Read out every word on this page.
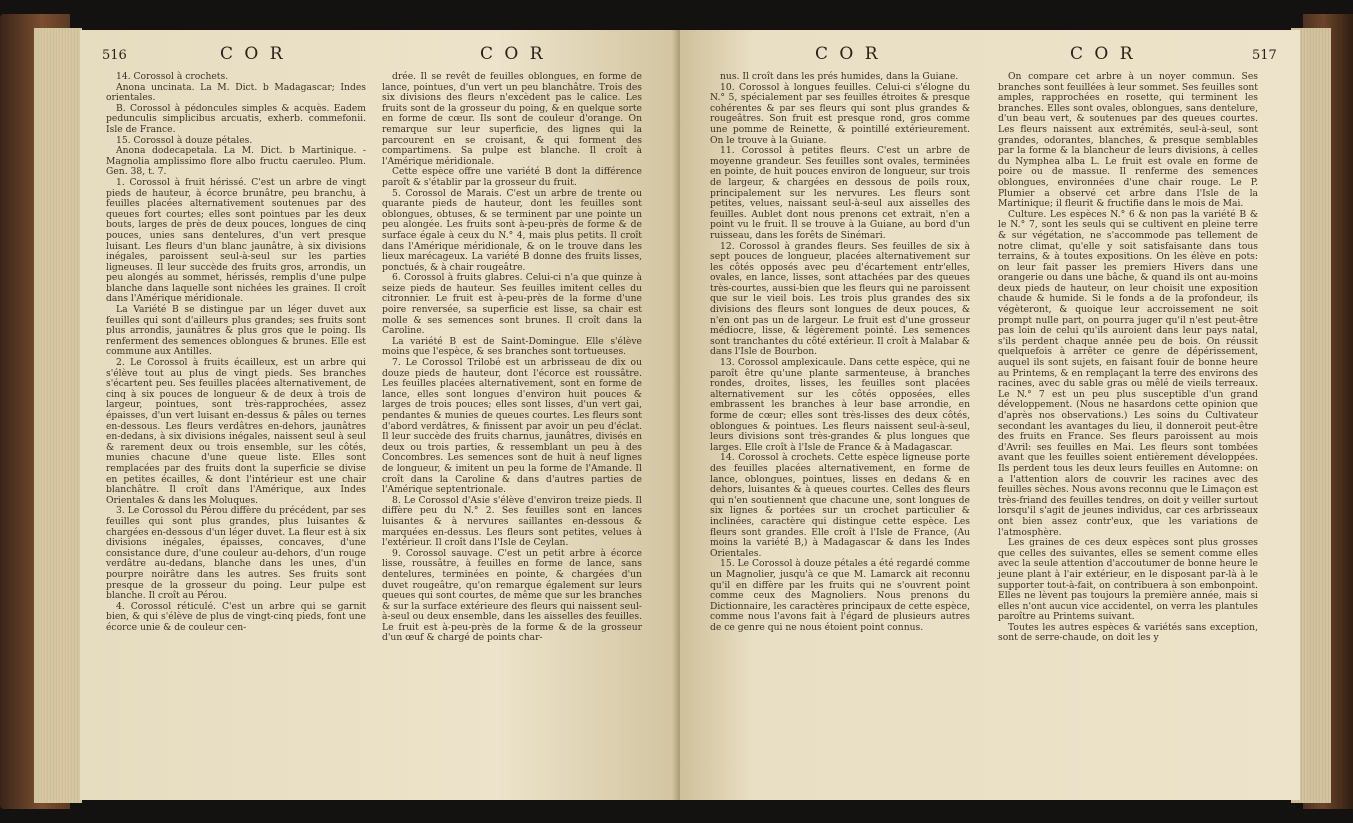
516	C O R	C O R

14. Corossol à crochets.

Anona uncinata. La M. Dict. b Madagascar; Indes orientales.

B. Corossol à pédoncules simples & acquès. Eadem pedunculis simplicibus arcuatis, exherb. commefonii. Isle de France.

15. Corossol à douze pétales.

Anona dodecapetala. La M. Dict. b Martinique. - Magnolia amplissimo flore albo fructu caeruleo. Plum. Gen. 38, t. 7.

1. Corossol à fruit hérissé. C'est un arbre de vingt pieds de hauteur, à écorce brunâtre, peu branchu, à feuilles placées alternativement soutenues par des queues fort courtes; elles sont pointues par les deux bouts, larges de près de deux pouces, longues de cinq pouces, unies sans dentelures, d'un vert presque luisant. Les fleurs d'un blanc jaunâtre, à six divisions inégales, paroissent seul-à-seul sur les parties ligneuses. Il leur succède des fruits gros, arrondis, un peu alongés au sommet, hérissés, remplis d'une pulpe blanche dans laquelle sont nichées les graines. Il croît dans l'Amérique méridionale.

La Variété B se distingue par un léger duvet aux feuilles qui sont d'ailleurs plus grandes; ses fruits sont plus arrondis, jaunâtres & plus gros que le poing. Ils renferment des semences oblongues & brunes. Elle est commune aux Antilles.

2. Le Corossol à fruits écailleux, est un arbre qui s'élève tout au plus de vingt pieds. Ses branches s'écartent peu. Ses feuilles placées alternativement, de cinq à six pouces de longueur & de deux à trois de largeur, pointues, sont très-rapprochées, assez épaisses, d'un vert luisant en-dessus & pâles ou ternes en-dessous. Les fleurs verdâtres en-dehors, jaunâtres en-dedans, à six divisions inégales, naissent seul à seul & rarement deux ou trois ensemble, sur les côtés, munies chacune d'une queue liste. Elles sont remplacées par des fruits dont la superficie se divise en petites écailles, & dont l'intérieur est une chair blanchâtre. Il croît dans l'Amérique, aux Indes Orientales & dans les Moluques.

3. Le Corossol du Pérou diffère du précédent, par ses feuilles qui sont plus grandes, plus luisantes & chargées en-dessous d'un léger duvet. La fleur est à six divisions inégales, épaisses, concaves, d'une consistance dure, d'une couleur au-dehors, d'un rouge verdâtre au-dedans, blanche dans les unes, d'un pourpre noirâtre dans les autres. Ses fruits sont presque de la grosseur du poing. Leur pulpe est blanche. Il croît au Pérou.

4. Corossol réticulé. C'est un arbre qui se garnit bien, & qui s'élève de plus de vingt-cinq pieds, font une écorce unie & de couleur cen-

drée. Il se revêt de feuilles oblongues, en forme de lance, pointues, d'un vert un peu blanchâtre. Trois des six divisions des fleurs n'excèdent pas le calice. Les fruits sont de la grosseur du poing, & en quelque sorte en forme de cœur. Ils sont de couleur d'orange. On remarque sur leur superficie, des lignes qui la parcourent en se croisant, & qui forment des compartimens. Sa pulpe est blanche. Il croît à l'Amérique méridionale.

Cette espèce offre une variété B dont la différence paroît & s'établir par la grosseur du fruit.

5. Corossol de Marais. C'est un arbre de trente ou quarante pieds de hauteur, dont les feuilles sont oblongues, obtuses, & se terminent par une pointe un peu alongée. Les fruits sont à-peu-près de forme & de surface égale à ceux du N.° 4, mais plus petits. Il croît dans l'Amérique méridionale, & on le trouve dans les lieux marécageux. La variété B donne des fruits lisses, ponctués, & à chair rougeâtre.

6. Corossol à fruits glabres. Celui-ci n'a que quinze à seize pieds de hauteur. Ses feuilles imitent celles du citronnier. Le fruit est à-peu-près de la forme d'une poire renversée, sa superficie est lisse, sa chair est molle & ses semences sont brunes. Il croît dans la Caroline.

La variété B est de Saint-Domingue. Elle s'élève moins que l'espèce, & ses branches sont tortueuses.

7. Le Corossol Trilobé est un arbrisseau de dix ou douze pieds de hauteur, dont l'écorce est roussâtre. Les feuilles placées alternativement, sont en forme de lance, elles sont longues d'environ huit pouces & larges de trois pouces; elles sont lisses, d'un vert gai, pendantes & munies de queues courtes. Les fleurs sont d'abord verdâtres, & finissent par avoir un peu d'éclat. Il leur succède des fruits charnus, jaunâtres, divisés en deux ou trois parties, & ressemblant un peu à des Concombres. Les semences sont de huit à neuf lignes de longueur, & imitent un peu la forme de l'Amande. Il croît dans la Caroline & dans d'autres parties de l'Amérique septentrionale.

8. Le Corossol d'Asie s'élève d'environ treize pieds. Il diffère peu du N.° 2. Ses feuilles sont en lances luisantes & à nervures saillantes en-dessous & marquées en-dessus. Les fleurs sont petites, velues à l'extérieur. Il croît dans l'Isle de Ceylan.

9. Corossol sauvage. C'est un petit arbre à écorce lisse, roussâtre, à feuilles en forme de lance, sans dentelures, terminées en pointe, & chargées d'un duvet rougeâtre, qu'on remarque également sur leurs queues qui sont courtes, de même que sur les branches & sur la surface extérieure des fleurs qui naissent seul-à-seul ou deux ensemble, dans les aisselles des feuilles. Le fruit est à-peu-près de la forme & de la grosseur d'un œuf & chargé de points char-

C O R	C O R	517

nus. Il croît dans les prés humides, dans la Guiane.

10. Corossol à longues feuilles. Celui-ci s'élogne du N.° 5, spécialement par ses feuilles étroites & presque cohérentes & par ses fleurs qui sont plus grandes & rougeâtres. Son fruit est presque rond, gros comme une pomme de Reinette, & pointillé extérieurement. On le trouve à la Guiane.

11. Corossol à petites fleurs. C'est un arbre de moyenne grandeur. Ses feuilles sont ovales, terminées en pointe, de huit pouces environ de longueur, sur trois de largeur, & chargées en dessous de poils roux, principalement sur les nervures. Les fleurs sont petites, velues, naissant seul-à-seul aux aisselles des feuilles. Aublet dont nous prenons cet extrait, n'en a point vu le fruit. Il se trouve à la Guiane, au bord d'un ruisseau, dans les forêts de Sinémari.

12. Corossol à grandes fleurs. Ses feuilles de six à sept pouces de longueur, placées alternativement sur les côtés opposés avec peu d'écartement entr'elles, ovales, en lance, lisses, sont attachées par des queues très-courtes, aussi-bien que les fleurs qui ne paroissent que sur le vieil bois. Les trois plus grandes des six divisions des fleurs sont longues de deux pouces, & n'en ont pas un de largeur. Le fruit est d'une grosseur médiocre, lisse, & légèrement pointé. Les semences sont tranchantes du côté extérieur. Il croît à Malabar & dans l'Isle de Bourbon.

13. Corossol amplexicaule. Dans cette espèce, qui ne paroît être qu'une plante sarmenteuse, à branches rondes, droites, lisses, les feuilles sont placées alternativement sur les côtés opposées, elles embrassent les branches à leur base arrondie, en forme de cœur; elles sont très-lisses des deux côtés, oblongues & pointues. Les fleurs naissent seul-à-seul, leurs divisions sont très-grandes & plus longues que larges. Elle croît à l'Isle de France & à Madagascar.

14. Corossol à crochets. Cette espèce ligneuse porte des feuilles placées alternativement, en forme de lance, oblongues, pointues, lisses en dedans & en dehors, luisantes & à queues courtes. Celles des fleurs qui n'en soutiennent que chacune une, sont longues de six lignes & portées sur un crochet particulier & inclinées, caractère qui distingue cette espèce. Les fleurs sont grandes. Elle croît à l'Isle de France, (Au moins la variété B,) à Madagascar & dans les Indes Orientales.

15. Le Corossol à douze pétales a été regardé comme un Magnolier, jusqu'à ce que M. Lamarck ait reconnu qu'il en diffère par les fruits qui ne s'ouvrent point comme ceux des Magnoliers. Nous prenons du Dictionnaire, les caractères principaux de cette espèce, comme nous l'avons fait à l'égard de plusieurs autres de ce genre qui ne nous étoient point connus.

On compare cet arbre à un noyer commun. Ses branches sont feuillées à leur sommet. Ses feuilles sont amples, rapprochées en rosette, qui terminent les branches. Elles sont ovales, oblongues, sans dentelure, d'un beau vert, & soutenues par des queues courtes. Les fleurs naissent aux extrémités, seul-à-seul, sont grandes, odorantes, blanches, & presque semblables par la forme & la blancheur de leurs divisions, à celles du Nymphea alba L. Le fruit est ovale en forme de poire ou de massue. Il renferme des semences oblongues, environnées d'une chair rouge. Le P. Plumier a observé cet arbre dans l'Isle de la Martinique; il fleurit & fructifie dans le mois de Mai.

Culture. Les espèces N.° 6 & non pas la variété B & le N.° 7, sont les seuls qui se cultivent en pleine terre & sur végétation, ne s'accommode pas tellement de notre climat, qu'elle y soit satisfaisante dans tous terrains, & à toutes expositions. On les élève en pots: on leur fait passer les premiers Hivers dans une orangerie ou dans une bâche, & quand ils ont au-moins deux pieds de hauteur, on leur choisit une exposition chaude & humide. Si le fonds a de la profondeur, ils végèteront, & quoique leur accroissement ne soit prompt nulle part, on pourra juger qu'il n'est peut-être pas loin de celui qu'ils auroient dans leur pays natal, s'ils perdent chaque année peu de bois. On réussit quelquefois à arrêter ce genre de dépérissement, auquel ils sont sujets, en faisant fouir de bonne heure au Printems, & en remplaçant la terre des environs des racines, avec du sable gras ou mêlé de vieils terreaux. Le N.° 7 est un peu plus susceptible d'un grand développement. (Nous ne hasardons cette opinion que d'après nos observations.) Les soins du Cultivateur secondant les avantages du lieu, il donneroit peut-être des fruits en France. Ses fleurs paroissent au mois d'Avril: ses feuilles en Mai. Les fleurs sont tombées avant que les feuilles soient entièrement développées. Ils perdent tous les deux leurs feuilles en Automne: on a l'attention alors de couvrir les racines avec des feuilles sèches. Nous avons reconnu que le Limaçon est très-friand des feuilles tendres, on doit y veiller surtout lorsqu'il s'agit de jeunes individus, car ces arbrisseaux ont bien assez contr'eux, que les variations de l'atmosphère.

Les graines de ces deux espèces sont plus grosses que celles des suivantes, elles se sement comme elles avec la seule attention d'accoutumer de bonne heure le jeune plant à l'air extérieur, en le disposant par-là à le supporter tout-à-fait, on contribuera à son embonpoint. Elles ne lèvent pas toujours la première année, mais si elles n'ont aucun vice accidentel, on verra les plantules paroître au Printems suivant.

Toutes les autres espèces & variétés sans exception, sont de serre-chaude, on doit les y
